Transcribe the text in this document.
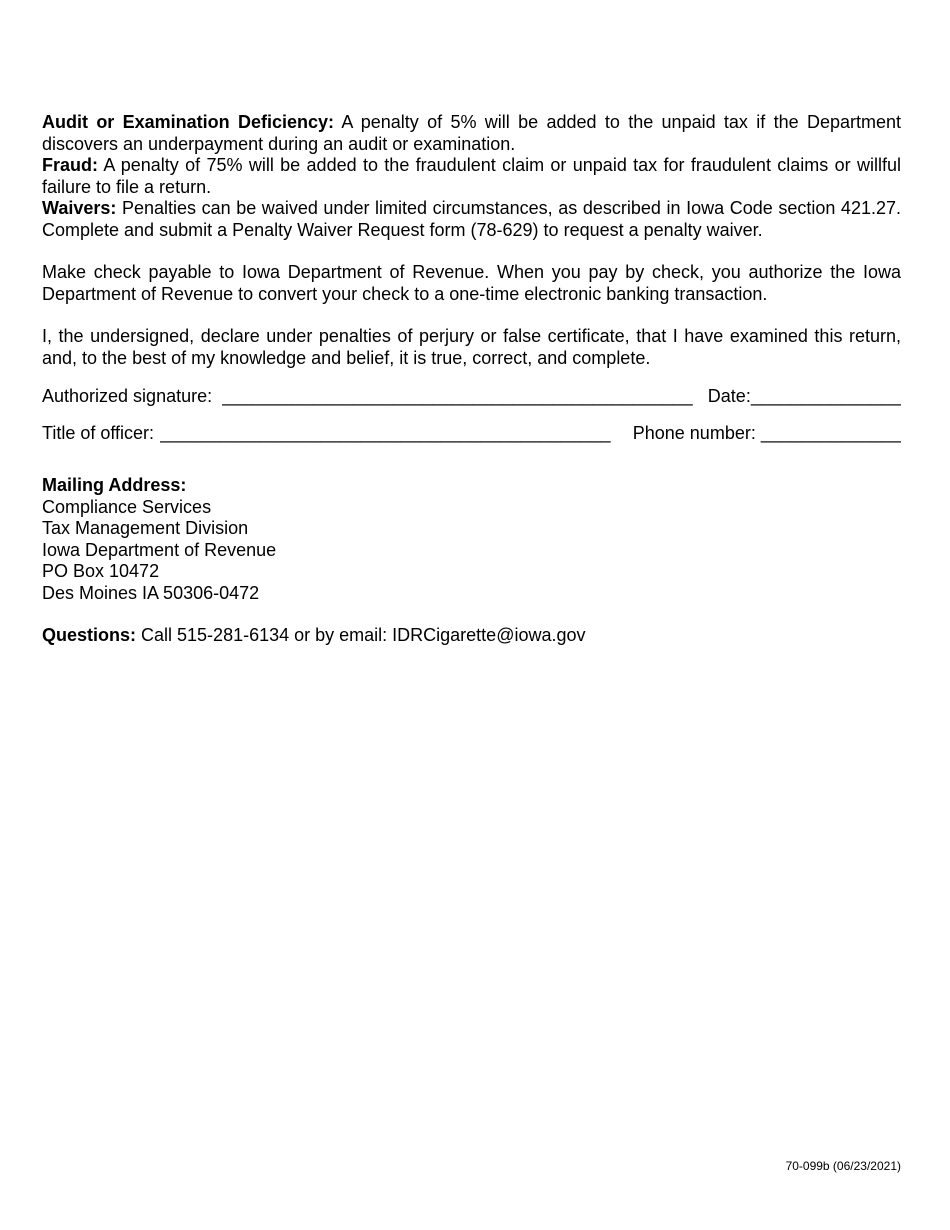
Audit or Examination Deficiency: A penalty of 5% will be added to the unpaid tax if the Department discovers an underpayment during an audit or examination.

Fraud: A penalty of 75% will be added to the fraudulent claim or unpaid tax for fraudulent claims or willful failure to file a return.

Waivers: Penalties can be waived under limited circumstances, as described in Iowa Code section 421.27. Complete and submit a Penalty Waiver Request form (78-629) to request a penalty waiver.

Make check payable to Iowa Department of Revenue. When you pay by check, you authorize the Iowa Department of Revenue to convert your check to a one-time electronic banking transaction.

I, the undersigned, declare under penalties of perjury or false certificate, that I have examined this return, and, to the best of my knowledge and belief, it is true, correct, and complete.

Authorized signature: _______________________________________________ Date: _______________
Title of officer: _____________________________________________	Phone number: ______________
Mailing Address:
Compliance Services
Tax Management Division
Iowa Department of Revenue
PO Box 10472
Des Moines IA 50306-0472

Questions: Call 515-281-6134 or by email: IDRCigarette@iowa.gov

70-099b (06/23/2021)
